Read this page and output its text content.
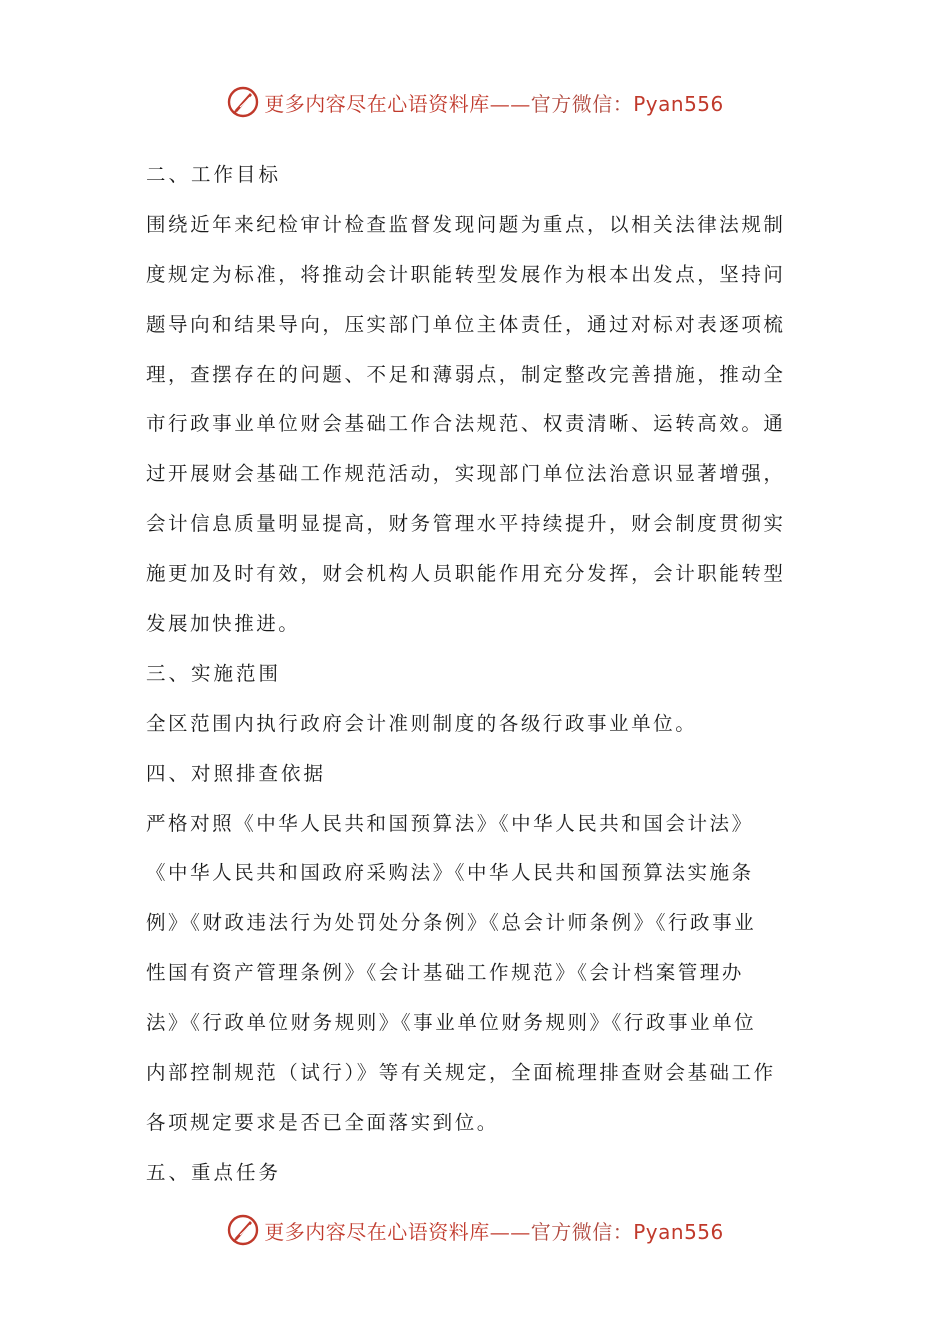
更多内容尽在心语资料库——官方微信：Pyan556
二、工作目标
围绕近年来纪检审计检查监督发现问题为重点，以相关法律法规制
度规定为标准，将推动会计职能转型发展作为根本出发点，坚持问
题导向和结果导向，压实部门单位主体责任，通过对标对表逐项梳
理，查摆存在的问题、不足和薄弱点，制定整改完善措施，推动全
市行政事业单位财会基础工作合法规范、权责清晰、运转高效。通
过开展财会基础工作规范活动，实现部门单位法治意识显著增强，
会计信息质量明显提高，财务管理水平持续提升，财会制度贯彻实
施更加及时有效，财会机构人员职能作用充分发挥，会计职能转型
发展加快推进。
三、实施范围
全区范围内执行政府会计准则制度的各级行政事业单位。
四、对照排查依据
严格对照《中华人民共和国预算法》《中华人民共和国会计法》
《中华人民共和国政府采购法》《中华人民共和国预算法实施条
例》《财政违法行为处罚处分条例》《总会计师条例》《行政事业
性国有资产管理条例》《会计基础工作规范》《会计档案管理办
法》《行政单位财务规则》《事业单位财务规则》《行政事业单位
内部控制规范（试行）》等有关规定，全面梳理排查财会基础工作
各项规定要求是否已全面落实到位。
五、重点任务
更多内容尽在心语资料库——官方微信：Pyan556
